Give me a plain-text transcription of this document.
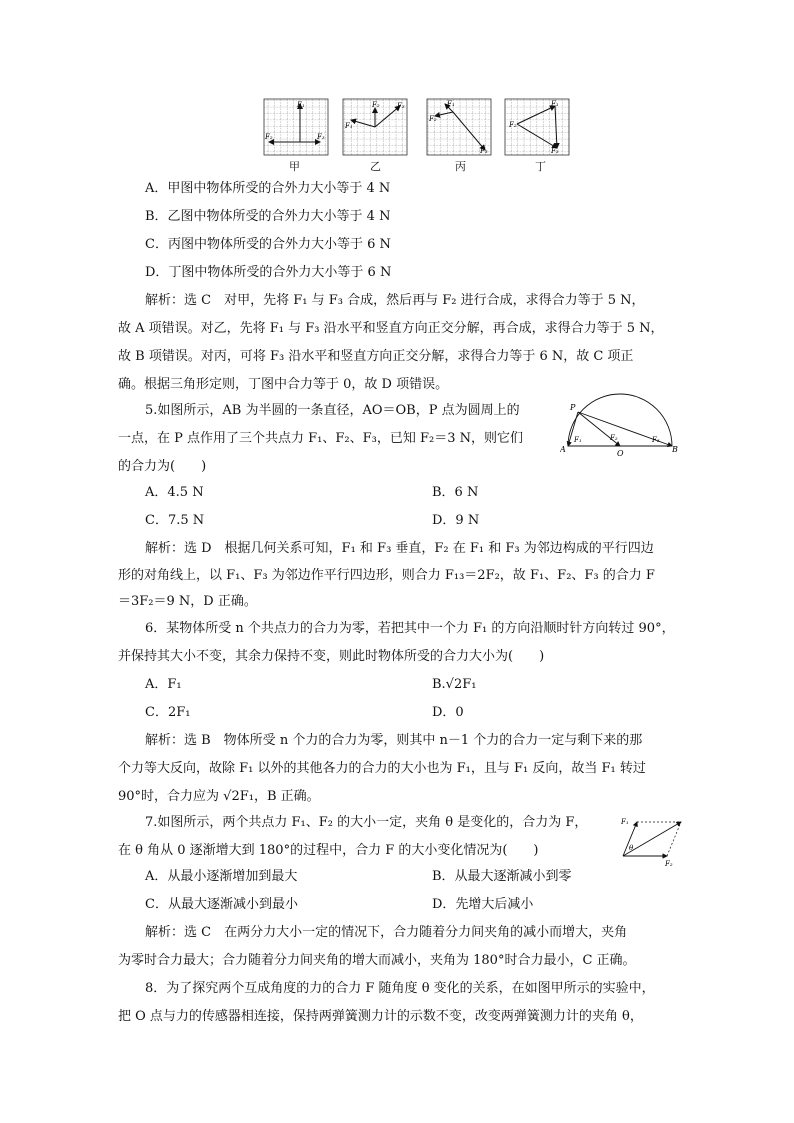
F₁
F₂	F₃
F₂
F₁
F₃	F₁
F₂
F₃
F₁
F₂
F₃
甲	乙	丙	丁
A．甲图中物体所受的合外力大小等于 4 N
B．乙图中物体所受的合外力大小等于 4 N
C．丙图中物体所受的合外力大小等于 6 N
D．丁图中物体所受的合外力大小等于 6 N
解析：选 C　对甲，先将 F₁ 与 F₃ 合成，然后再与 F₂ 进行合成，求得合力等于 5 N，
故 A 项错误。对乙，先将 F₁ 与 F₃ 沿水平和竖直方向正交分解，再合成，求得合力等于 5 N，
故 B 项错误。对丙，可将 F₃ 沿水平和竖直方向正交分解，求得合力等于 6 N，故 C 项正
确。根据三角形定则，丁图中合力等于 0，故 D 项错误。
5.如图所示，AB 为半圆的一条直径，AO＝OB，P 点为圆周上的
一点，在 P 点作用了三个共点力 F₁、F₂、F₃，已知 F₂＝3 N，则它们
的合力为(　　)
P
A	O	B
F₁	F₂	F₃
A．4.5 N	B．6 N
C．7.5 N	D．9 N
解析：选 D　根据几何关系可知，F₁ 和 F₃ 垂直，F₂ 在 F₁ 和 F₃ 为邻边构成的平行四边
形的对角线上，以 F₁、F₃ 为邻边作平行四边形，则合力 F₁₃＝2F₂，故 F₁、F₂、F₃ 的合力 F
＝3F₂＝9 N，D 正确。
6．某物体所受 n 个共点力的合力为零，若把其中一个力 F₁ 的方向沿顺时针方向转过 90°，
并保持其大小不变，其余力保持不变，则此时物体所受的合力大小为(　　)
A．F₁	B.√2F₁
C．2F₁	D．0
解析：选 B　物体所受 n 个力的合力为零，则其中 n－1 个力的合力一定与剩下来的那
个力等大反向，故除 F₁ 以外的其他各力的合力的大小也为 F₁，且与 F₁ 反向，故当 F₁ 转过
90°时，合力应为 √2F₁，B 正确。
7.如图所示，两个共点力 F₁、F₂ 的大小一定，夹角 θ 是变化的，合力为 F，
在 θ 角从 0 逐渐增大到 180°的过程中，合力 F 的大小变化情况为(　　)
F₁
F₂
θ
A．从最小逐渐增加到最大	B．从最大逐渐减小到零
C．从最大逐渐减小到最小	D．先增大后减小
解析：选 C　在两分力大小一定的情况下，合力随着分力间夹角的减小而增大，夹角
为零时合力最大；合力随着分力间夹角的增大而减小，夹角为 180°时合力最小，C 正确。
8．为了探究两个互成角度的力的合力 F 随角度 θ 变化的关系，在如图甲所示的实验中，
把 O 点与力的传感器相连接，保持两弹簧测力计的示数不变，改变两弹簧测力计的夹角 θ，
